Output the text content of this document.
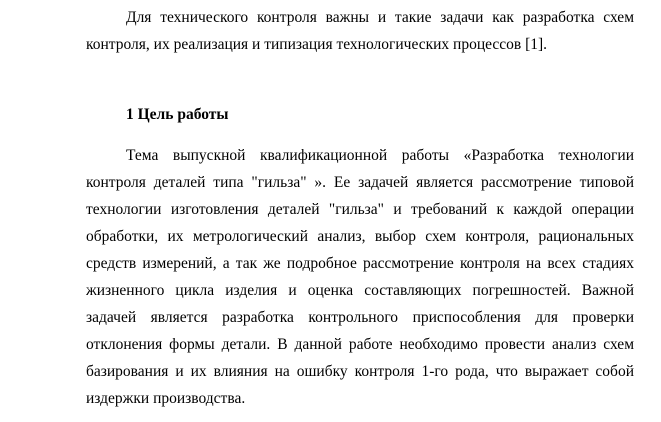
Для технического контроля важны и такие задачи как разработка схем
контроля, их реализация и типизация технологических процессов [1].
1 Цель работы
Тема выпускной квалификационной работы «Разработка технологии
контроля деталей типа "гильза" ». Ее задачей является рассмотрение типовой
технологии изготовления деталей "гильза" и требований к каждой операции
обработки, их метрологический анализ, выбор схем контроля, рациональных
средств измерений, а так же подробное рассмотрение контроля на всех стадиях
жизненного цикла изделия и оценка составляющих погрешностей. Важной
задачей является разработка контрольного приспособления для проверки
отклонения формы детали. В данной работе необходимо провести анализ схем
базирования и их влияния на ошибку контроля 1-го рода, что выражает собой
издержки производства.
